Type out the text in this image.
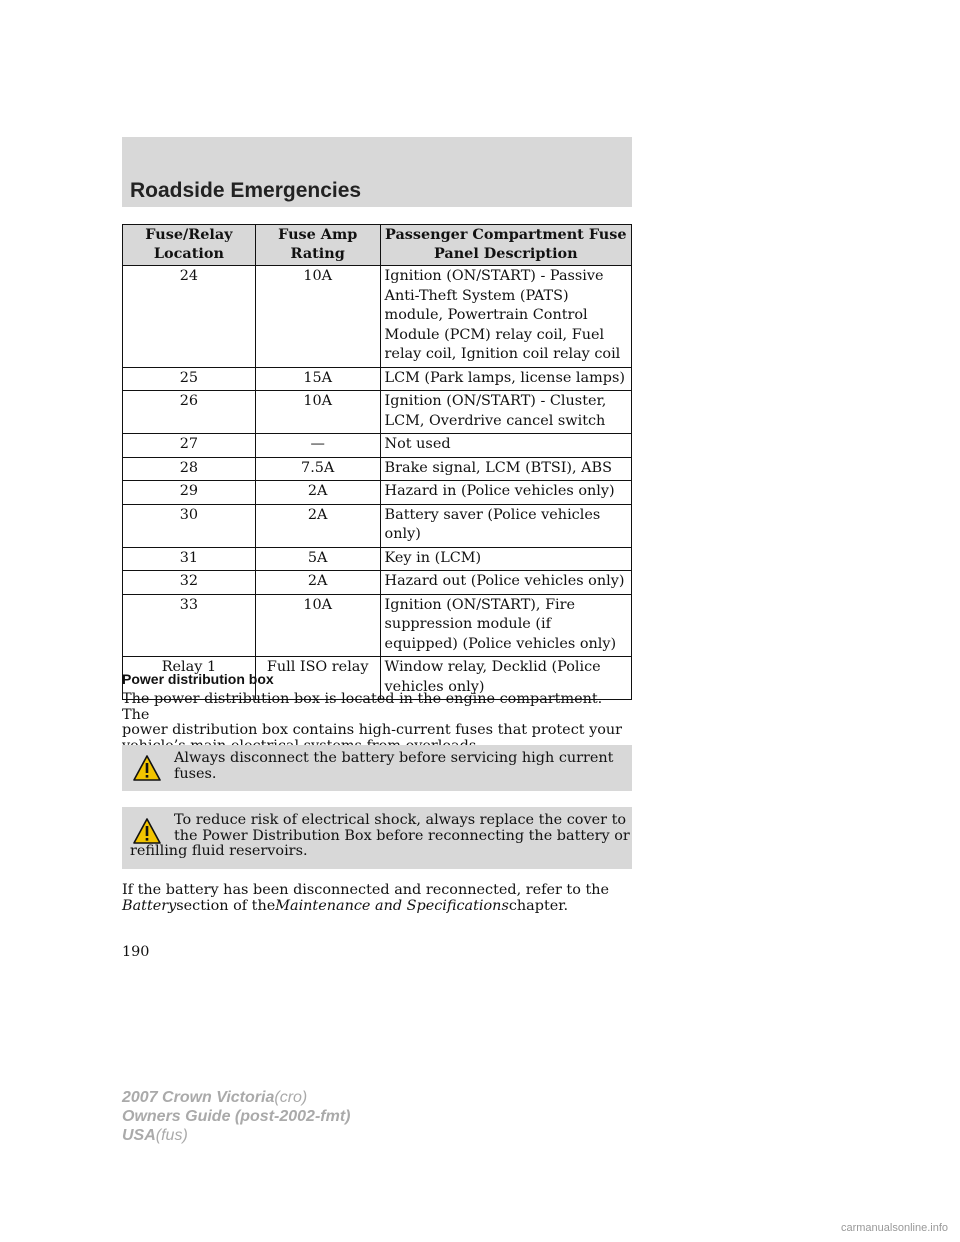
Roadside Emergencies
Fuse/Relay Location	Fuse Amp Rating	Passenger Compartment Fuse Panel Description
24	10A	Ignition (ON/START) - Passive Anti-Theft System (PATS) module, Powertrain Control Module (PCM) relay coil, Fuel relay coil, Ignition coil relay coil
25	15A	LCM (Park lamps, license lamps)
26	10A	Ignition (ON/START) - Cluster, LCM, Overdrive cancel switch
27	—	Not used
28	7.5A	Brake signal, LCM (BTSI), ABS
29	2A	Hazard in (Police vehicles only)
30	2A	Battery saver (Police vehicles only)
31	5A	Key in (LCM)
32	2A	Hazard out (Police vehicles only)
33	10A	Ignition (ON/START), Fire suppression module (if equipped) (Police vehicles only)
Relay 1	Full ISO relay	Window relay, Decklid (Police vehicles only)
Power distribution box
The power distribution box is located in the engine compartment. The
power distribution box contains high-current fuses that protect your
Always disconnect the battery before servicing high current
fuses.
To reduce risk of electrical shock, always replace the cover to
the Power Distribution Box before reconnecting the battery or
refilling fluid reservoirs.
If the battery has been disconnected and reconnected, refer to the
Batterysection of theMaintenance and Specificationschapter.
190
2007 Crown Victoria(cro)
Owners Guide (post-2002-fmt)
USA(fus)
carmanualsonline.info
